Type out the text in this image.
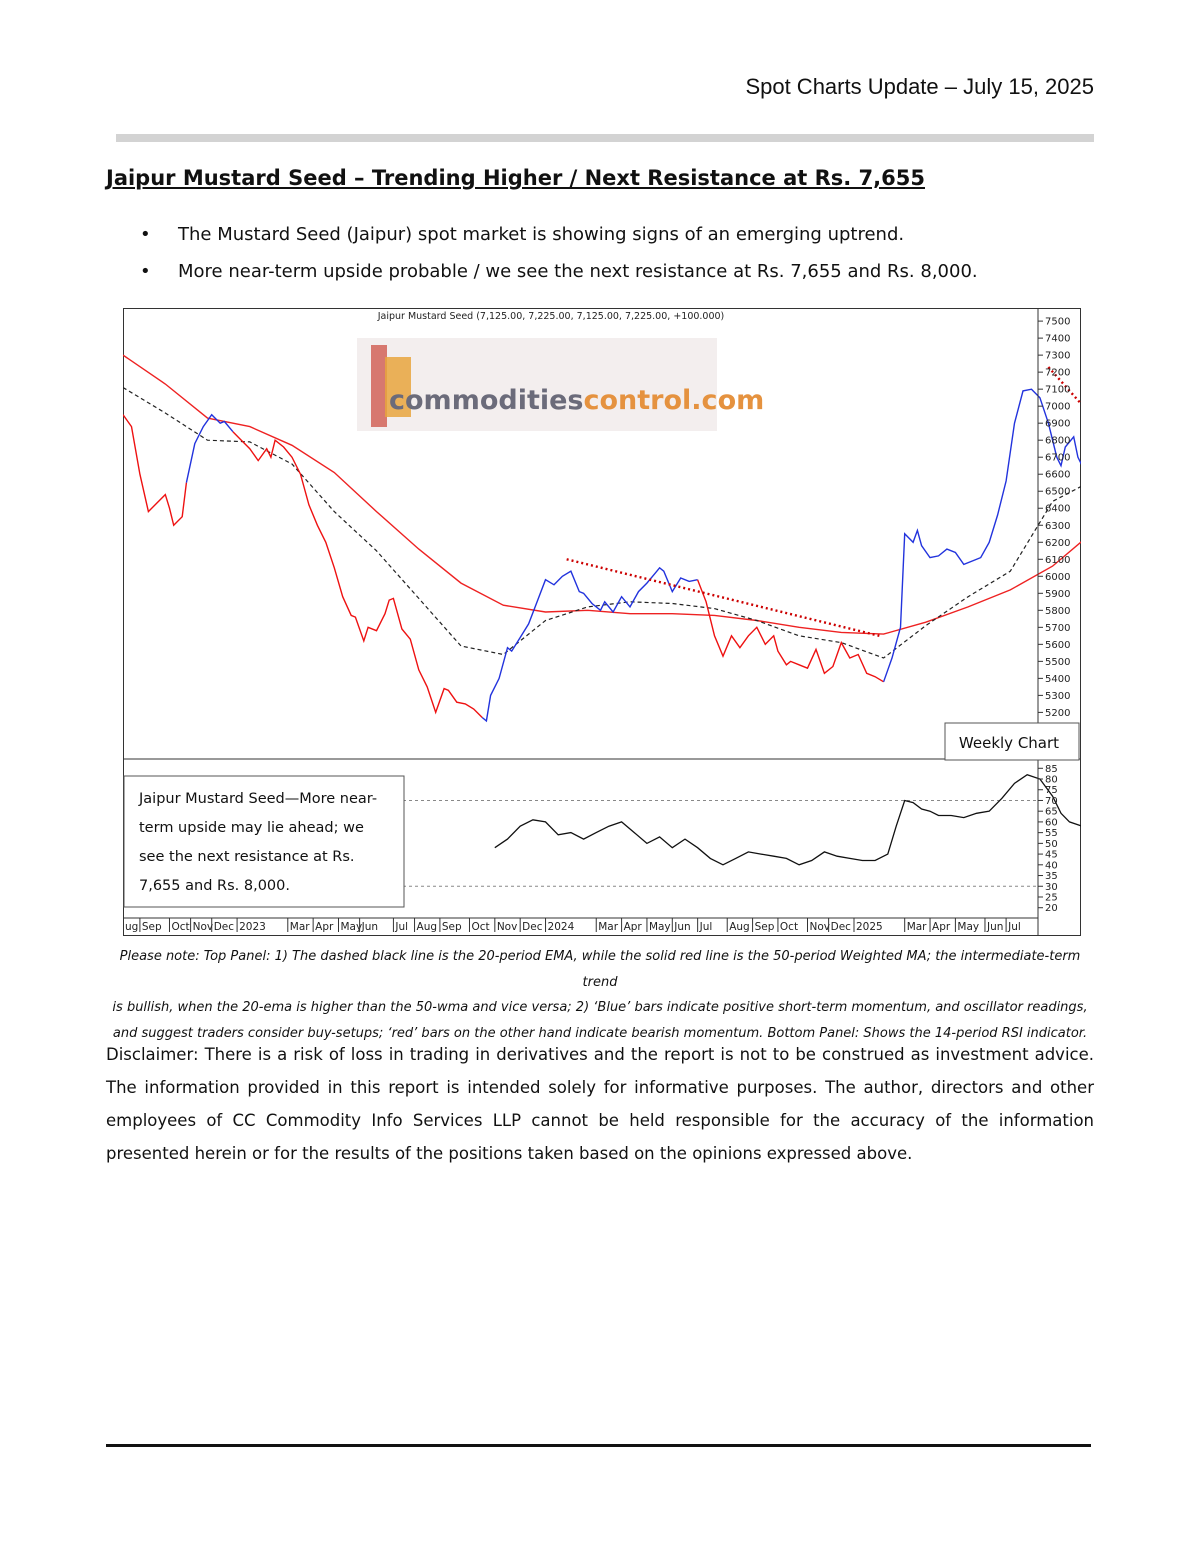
Spot Charts Update – July 15, 2025
Jaipur Mustard Seed – Trending Higher / Next Resistance at Rs. 7,655
• The Mustard Seed (Jaipur) spot market is showing signs of an emerging uptrend.
• More near-term upside probable / we see the next resistance at Rs. 7,655 and Rs. 8,000.
commoditiescontrol.com
Jaipur Mustard Seed (7,125.00, 7,225.00, 7,125.00, 7,225.00, +100.000)
5200
5300
5400
5500
5600
5700
5800
5900
6000
6100
6200
6300
6400
6500
6600
6700
6800
6900
7000
7100
7200
7300
7400
7500
20
25
30
35
40
45
50
55
60
65
70
75
80
85
ug Sep Oct Nov Dec 2023 Mar Apr May Jun Jul Aug Sep Oct Nov Dec 2024 Mar Apr May Jun Jul Aug Sep Oct Nov Dec 2025 Mar Apr May Jun Jul
Weekly Chart
Jaipur Mustard Seed—More near- term upside may lie ahead; we see the next resistance at Rs. 7,655 and Rs. 8,000.
Please note: Top Panel: 1) The dashed black line is the 20-period EMA, while the solid red line is the 50-period Weighted MA; the intermediate-term trend
is bullish, when the 20-ema is higher than the 50-wma and vice versa; 2) ‘Blue’ bars indicate positive short-term momentum, and oscillator readings,
and suggest traders consider buy-setups; ‘red’ bars on the other hand indicate bearish momentum. Bottom Panel: Shows the 14-period RSI indicator.
Disclaimer: There is a risk of loss in trading in derivatives and the report is not to be construed as investment advice. The information provided in this report is intended solely for informative purposes. The author, directors and other employees of CC Commodity Info Services LLP cannot be held responsible for the accuracy of the information presented herein or for the results of the positions taken based on the opinions expressed above.
